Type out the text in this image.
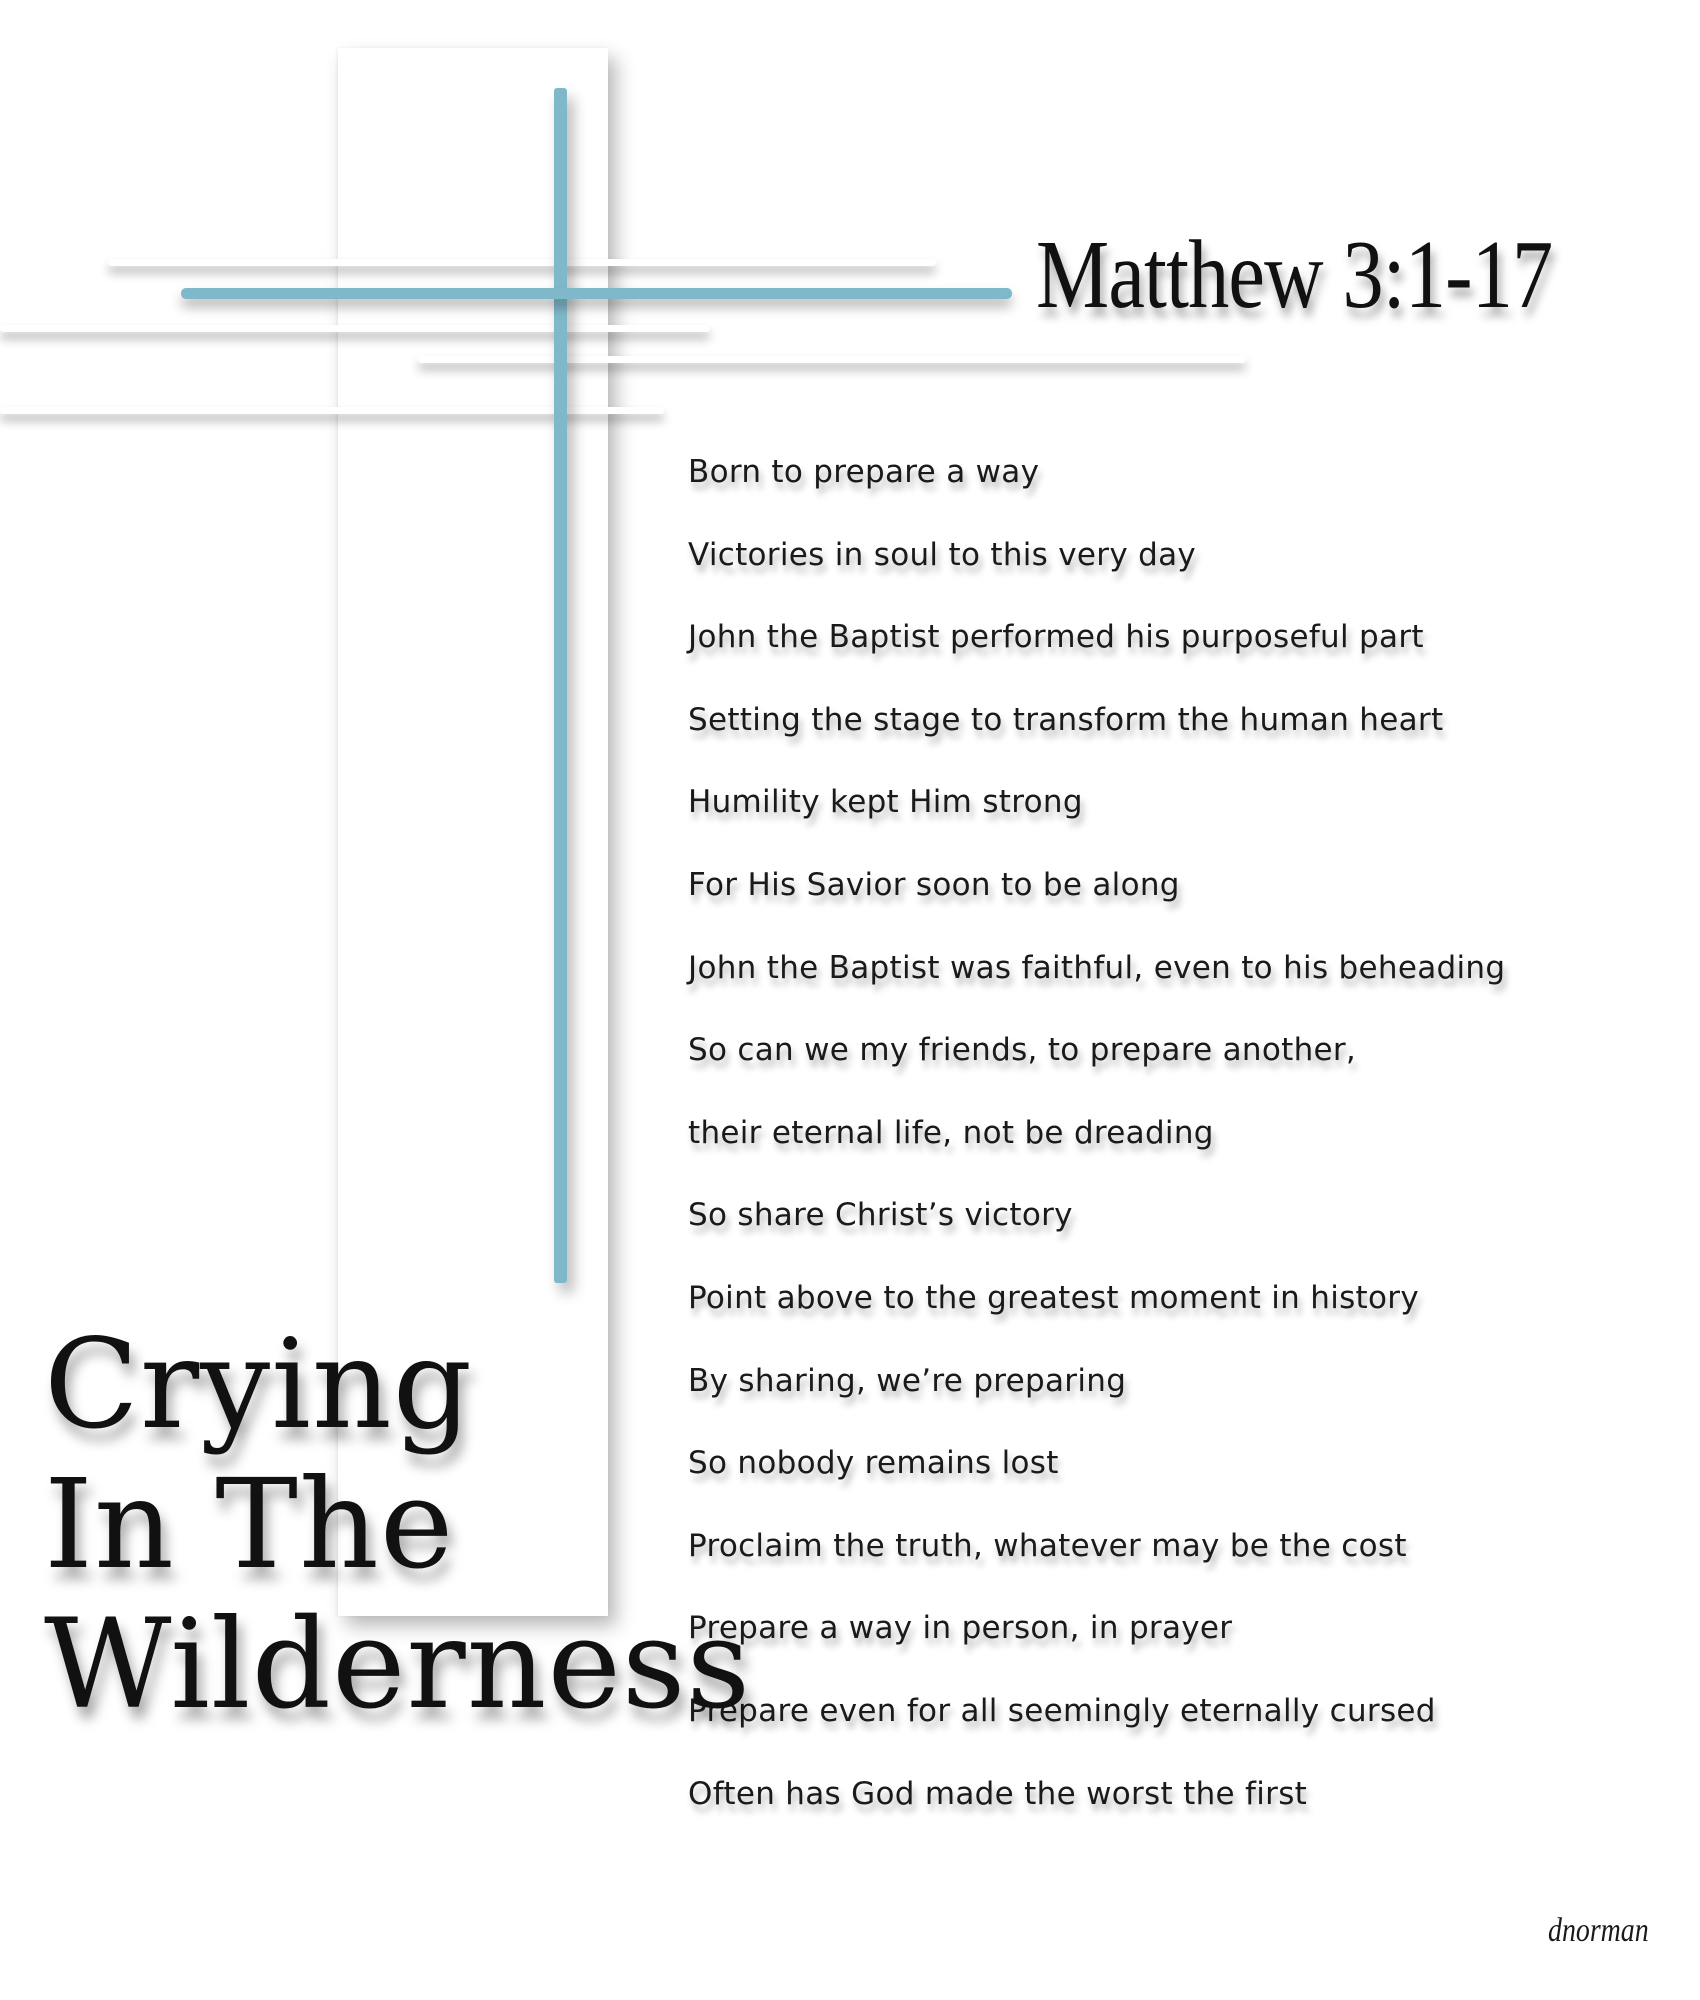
Matthew 3:1-17
Born to prepare a way
Victories in soul to this very day
John the Baptist performed his purposeful part
Setting the stage to transform the human heart
Humility kept Him strong
For His Savior soon to be along
John the Baptist was faithful, even to his beheading
So can we my friends, to prepare another,
their eternal life, not be dreading
So share Christ’s victory
Point above to the greatest moment in history
By sharing, we’re preparing
So nobody remains lost
Proclaim the truth, whatever may be the cost
Prepare a way in person, in prayer
Prepare even for all seemingly eternally cursed
Often has God made the worst the first
Crying
In The
Wilderness
dnorman
